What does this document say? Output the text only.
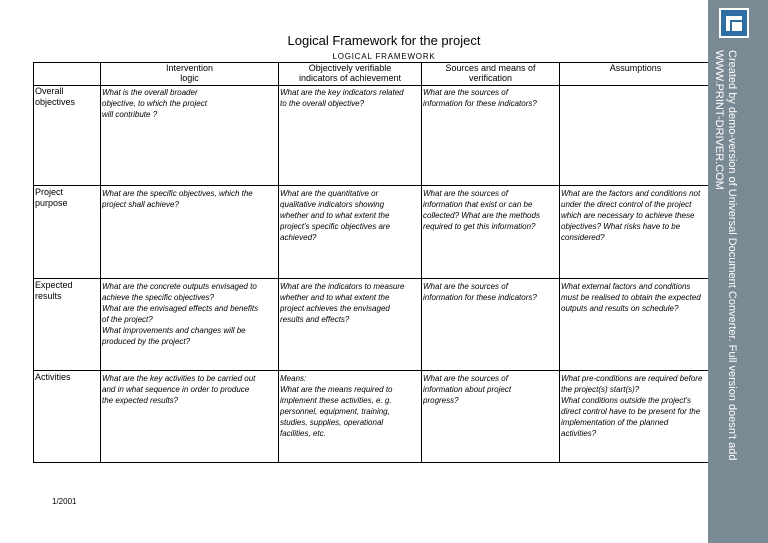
Logical Framework for the project
LOGICAL FRAMEWORK
Intervention
logic
Objectively verifiable
indicators of achievement
Sources and means of
verification
Assumptions
Overall
objectives
What is the overall broader
objective, to which the project
will contribute ?
What are the key indicators related
to the overall objective?
What are the sources of
information for these indicators?
Project
purpose
What are the specific objectives, which the
project shall achieve?
What are the quantitative or
qualitative indicators showing
whether and to what extent the
project's specific objectives are
achieved?
What are the sources of
information that exist or can be
collected? What are the methods
required to get this information?
What are the factors and conditions not
under the direct control of the project
which are necessary to achieve these
objectives? What risks have to be
considered?
Expected
results
What are the concrete outputs envisaged to
achieve the specific objectives?
What are the envisaged effects and benefits
of the project?
What improvements and changes will be
produced by the project?
What are the indicators to measure
whether and to what extent the
project achieves the envisaged
results and effects?
What are the sources of
information for these indicators?
What external factors and conditions
must be realised to obtain the expected
outputs and results on schedule?
Activities	What are the key activities to be carried out
and in what sequence in order to produce
the expected results?
Means:
What are the means required to
implement these activities, e. g.
personnel, equipment, training,
studies, supplies, operational
facilities, etc.
What are the sources of
information about project
progress?
What pre-conditions are required before
the project(s) start(s)?
What conditions outside the project's
direct control have to be present for the
implementation of the planned
activities?
1/2001
Created by demo-version of Universal Document Converter. Full version doesn't add
WWW.PRINT-DRIVER.COM
